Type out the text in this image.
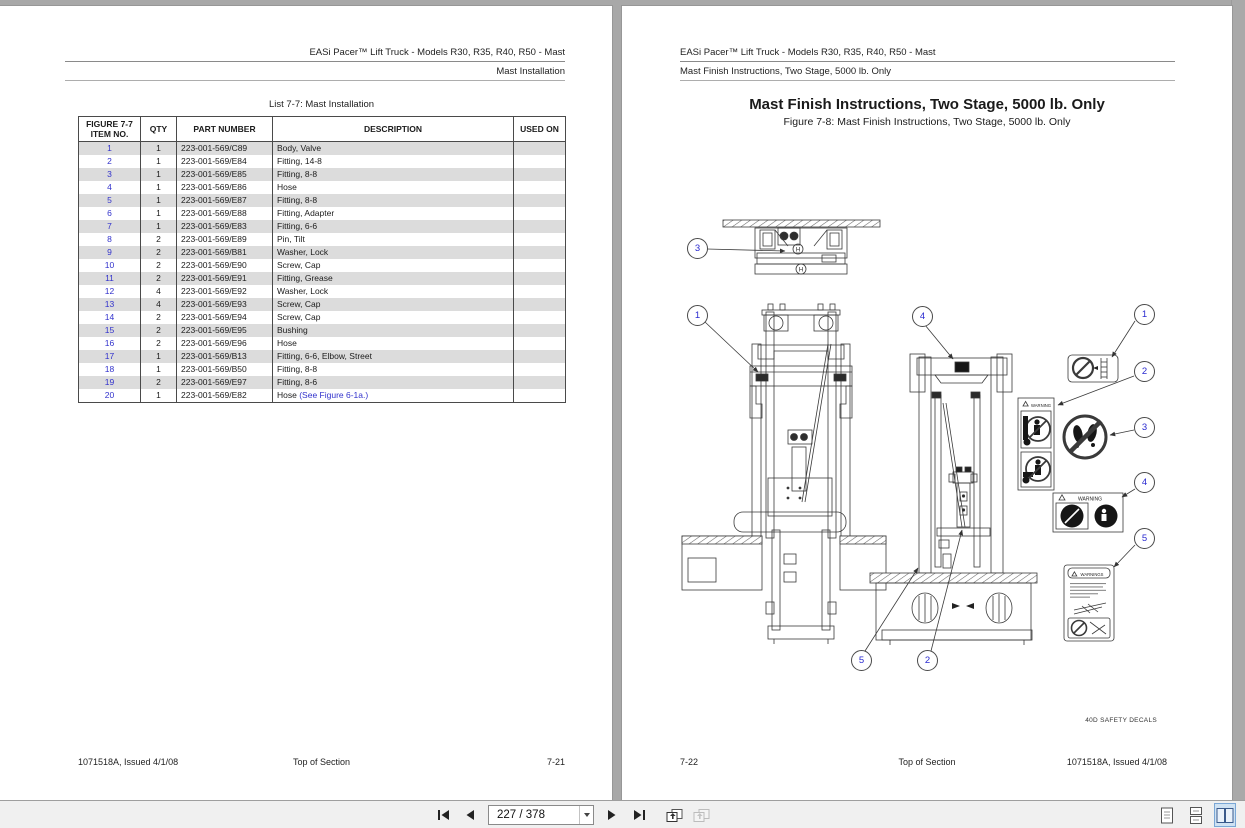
EASi Pacer™ Lift Truck - Models R30, R35, R40, R50 - Mast
Mast Installation
List 7-7: Mast Installation
FIGURE 7-7
ITEM NO.	QTY	PART NUMBER	DESCRIPTION	USED ON
1	1	223-001-569/C89	Body, Valve	
2	1	223-001-569/E84	Fitting, 14-8	
3	1	223-001-569/E85	Fitting, 8-8	
4	1	223-001-569/E86	Hose	
5	1	223-001-569/E87	Fitting, 8-8	
6	1	223-001-569/E88	Fitting, Adapter	
7	1	223-001-569/E83	Fitting, 6-6	
8	2	223-001-569/E89	Pin, Tilt	
9	2	223-001-569/B81	Washer, Lock	
10	2	223-001-569/E90	Screw, Cap	
11	2	223-001-569/E91	Fitting, Grease	
12	4	223-001-569/E92	Washer, Lock	
13	4	223-001-569/E93	Screw, Cap	
14	2	223-001-569/E94	Screw, Cap	
15	2	223-001-569/E95	Bushing	
16	2	223-001-569/E96	Hose	
17	1	223-001-569/B13	Fitting, 6-6, Elbow, Street	
18	1	223-001-569/B50	Fitting, 8-8	
19	2	223-001-569/E97	Fitting, 8-6	
20	1	223-001-569/E82	Hose (See Figure 6-1a.)	
1071518A, Issued 4/1/08	Top of Section	7-21
EASi Pacer™ Lift Truck - Models R30, R35, R40, R50 - Mast
Mast Finish Instructions, Two Stage, 5000 lb. Only
Mast Finish Instructions, Two Stage, 5000 lb. Only
Figure 7-8: Mast Finish Instructions, Two Stage, 5000 lb. Only
H
H
WARNING
WARNING
WARNINGS
3
1	4
5	2
1
2
3
4
5
40D SAFETY DECALS
7-22	Top of Section	1071518A, Issued 4/1/08
227 / 378
